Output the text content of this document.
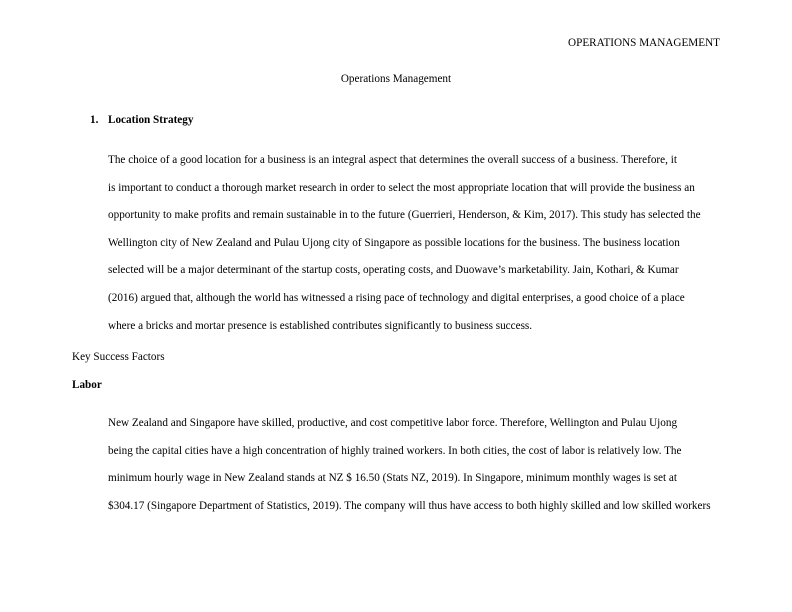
OPERATIONS MANAGEMENT
Operations Management
1. Location Strategy

The choice of a good location for a business is an integral aspect that determines the overall success of a business. Therefore, it
is important to conduct a thorough market research in order to select the most appropriate location that will provide the business an
opportunity to make profits and remain sustainable in to the future (Guerrieri, Henderson, & Kim, 2017). This study has selected the
Wellington city of New Zealand and Pulau Ujong city of Singapore as possible locations for the business. The business location
selected will be a major determinant of the startup costs, operating costs, and Duowave’s marketability. Jain, Kothari, & Kumar
(2016) argued that, although the world has witnessed a rising pace of technology and digital enterprises, a good choice of a place
where a bricks and mortar presence is established contributes significantly to business success.

Key Success Factors
Labor

New Zealand and Singapore have skilled, productive, and cost competitive labor force. Therefore, Wellington and Pulau Ujong
being the capital cities have a high concentration of highly trained workers. In both cities, the cost of labor is relatively low. The
minimum hourly wage in New Zealand stands at NZ $ 16.50 (Stats NZ, 2019). In Singapore, minimum monthly wages is set at
$304.17 (Singapore Department of Statistics, 2019). The company will thus have access to both highly skilled and low skilled workers
